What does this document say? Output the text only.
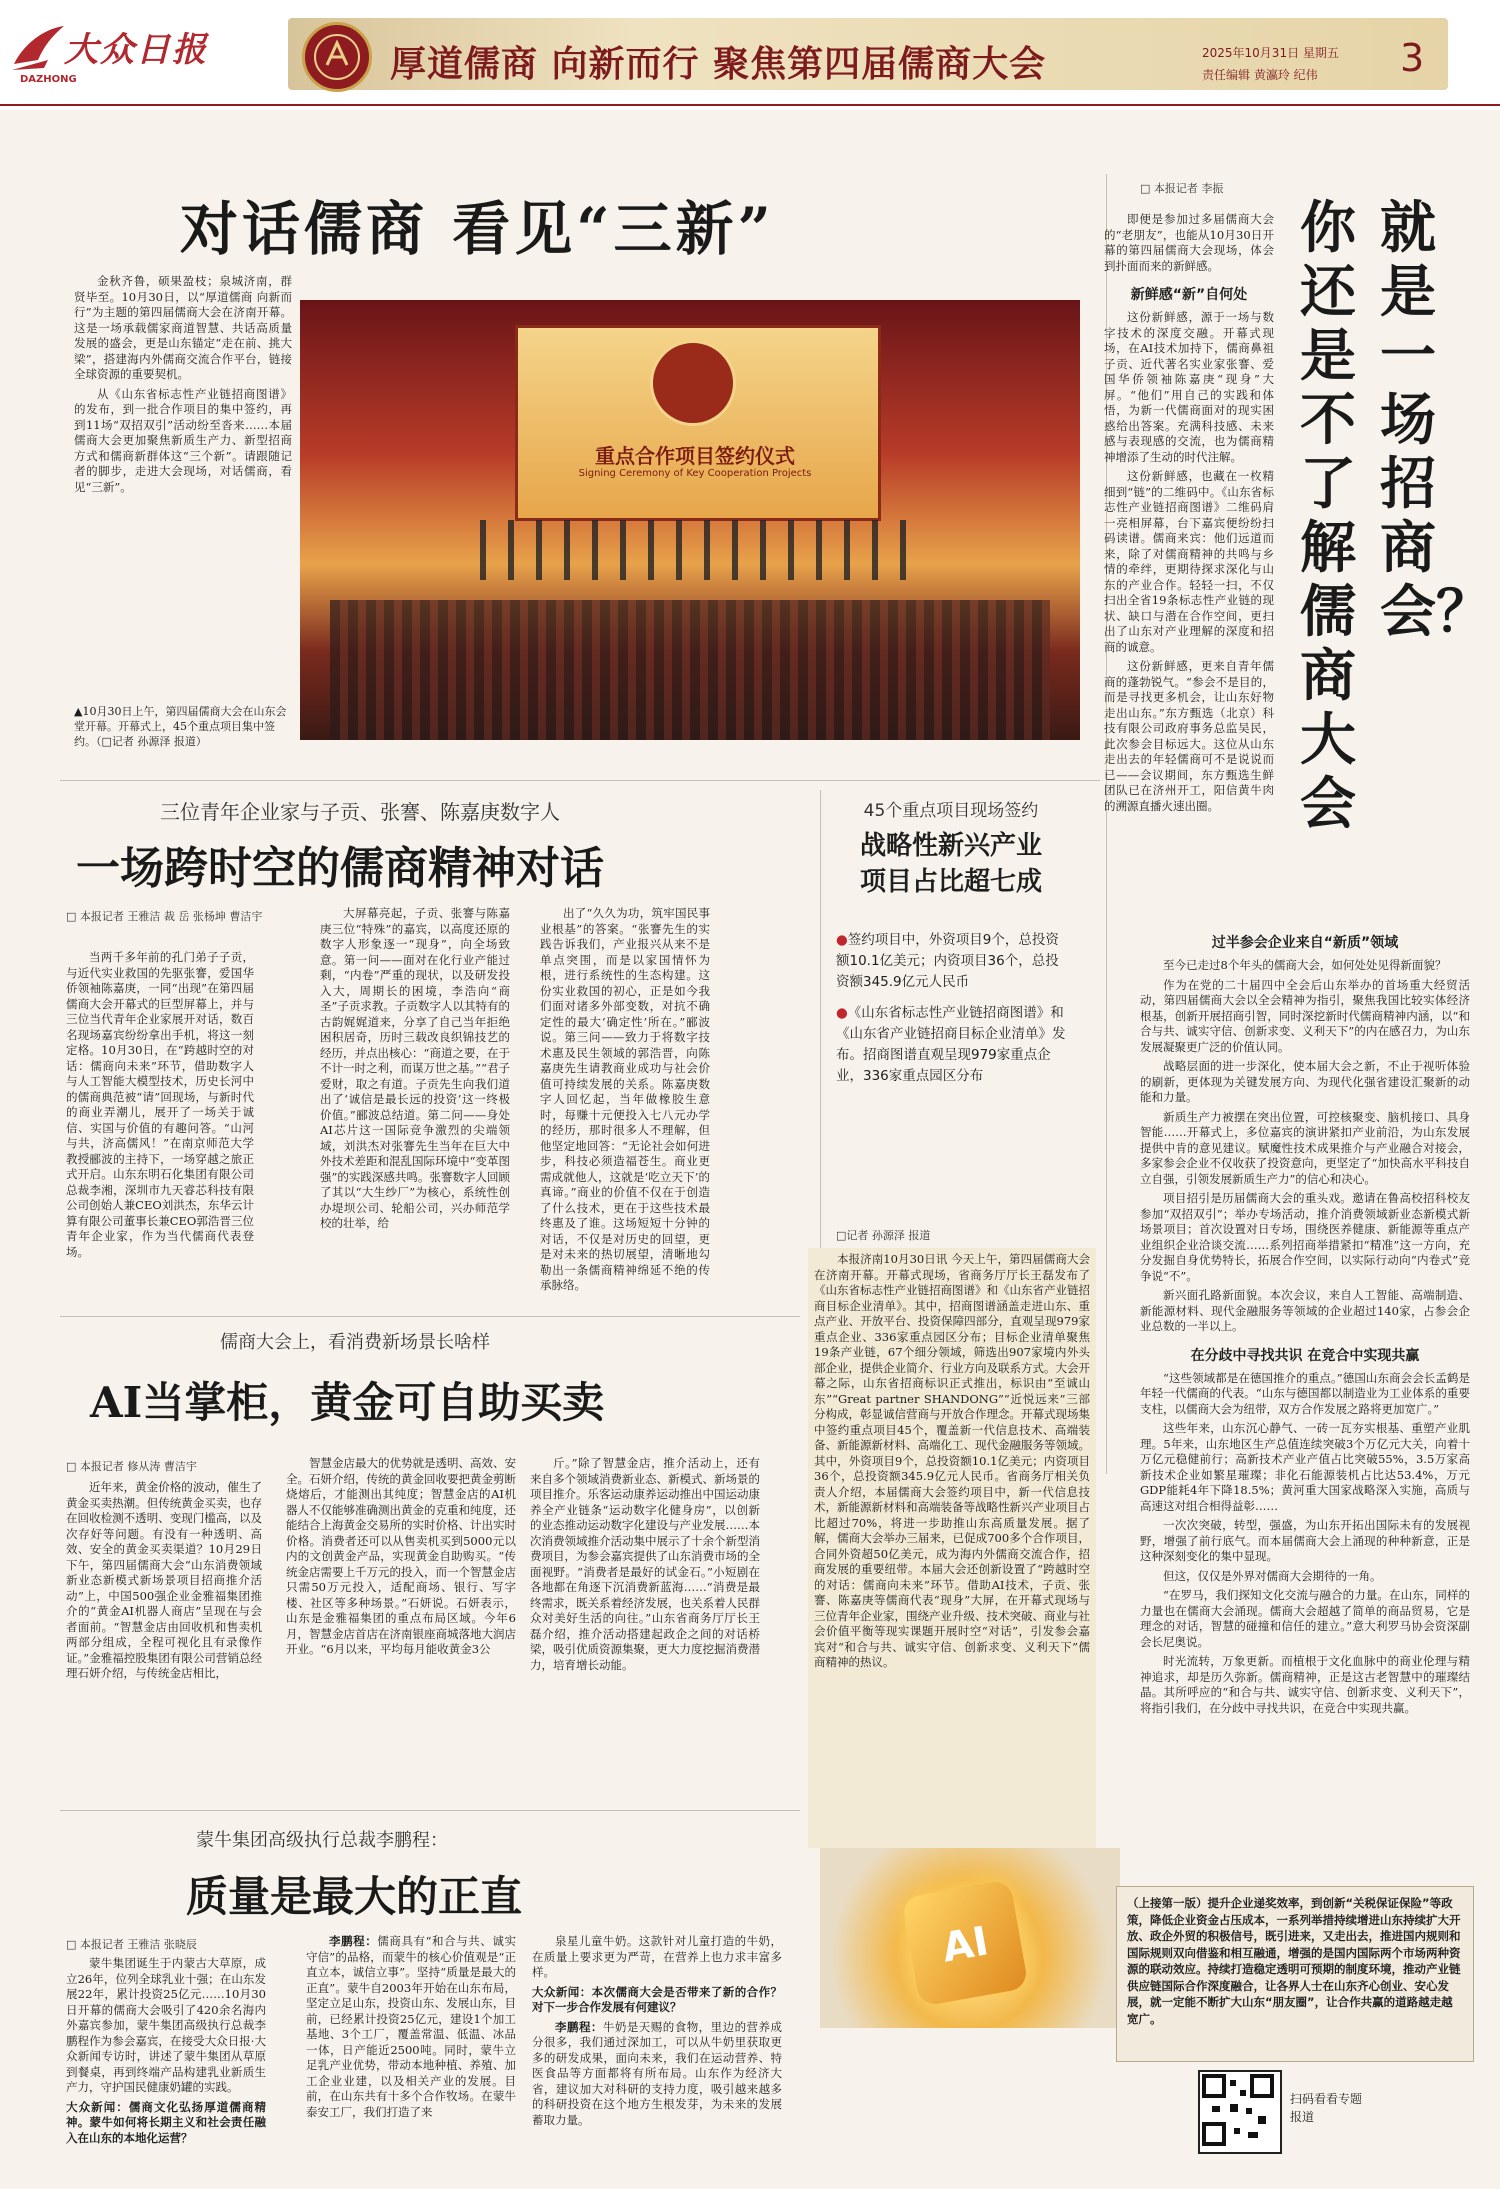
大众日报
DAZHONG	厚道儒商 向新而行 聚焦第四届儒商大会	2025年10月31日 星期五
责任编辑 黄瀛玲 纪伟 3
对话儒商 看见“三新”

金秋齐鲁，硕果盈枝；泉城济南，群贤毕至。10月30日，以“厚道儒商 向新而行”为主题的第四届儒商大会在济南开幕。这是一场承载儒家商道智慧、共话高质量发展的盛会，更是山东锚定“走在前、挑大梁”，搭建海内外儒商交流合作平台，链接全球资源的重要契机。

从《山东省标志性产业链招商图谱》的发布，到一批合作项目的集中签约，再到11场“双招双引”活动纷至沓来……本届儒商大会更加聚焦新质生产力、新型招商方式和儒商新群体这“三个新”。请跟随记者的脚步，走进大会现场，对话儒商，看见“三新”。

重点合作项目签约仪式
Signing Ceremony of Key Cooperation Projects
▲10月30日上午，第四届儒商大会在山东会堂开幕。开幕式上，45个重点项目集中签约。（□记者 孙源泽 报道）
□ 本报记者 李振
就是一场招商会？
你还是不了解儒商大会

即便是参加过多届儒商大会的“老朋友”，也能从10月30日开幕的第四届儒商大会现场，体会到扑面而来的新鲜感。

新鲜感“新”自何处

这份新鲜感，源于一场与数字技术的深度交融。开幕式现场，在AI技术加持下，儒商鼻祖子贡、近代著名实业家张謇、爱国华侨领袖陈嘉庚“现身”大屏。“他们”用自己的实践和体悟，为新一代儒商面对的现实困惑给出答案。充满科技感、未来感与表现感的交流，也为儒商精神增添了生动的时代注解。

这份新鲜感，也藏在一枚精细到“链”的二维码中。《山东省标志性产业链招商图谱》二维码肩一亮相屏幕，台下嘉宾便纷纷扫码读谱。儒商来宾：他们远道而来，除了对儒商精神的共鸣与乡情的牵绊，更期待探求深化与山东的产业合作。轻轻一扫，不仅扫出全省19条标志性产业链的现状、缺口与潜在合作空间，更扫出了山东对产业理解的深度和招商的诚意。

这份新鲜感，更来自青年儒商的蓬勃锐气。“参会不是目的，而是寻找更多机会，让山东好物走出山东。”东方甄选（北京）科技有限公司政府事务总监吴民，此次参会目标远大。这位从山东走出去的年轻儒商可不是说说而已——会议期间，东方甄选生鲜团队已在济州开工，阳信黄牛肉的溯源直播火速出圈。

过半参会企业来自“新质”领域

至今已走过8个年头的儒商大会，如何处处见得新面貌？

作为在党的二十届四中全会后山东举办的首场重大经贸活动，第四届儒商大会以全会精神为指引，聚焦我国比较实体经济根基，创新开展招商引智，同时深挖新时代儒商精神内涵，以“和合与共、诚实守信、创新求变、义利天下”的内在感召力，为山东发展凝聚更广泛的价值认同。

战略层面的进一步深化，使本届大会之新，不止于视听体验的刷新，更体现为关键发展方向、为现代化强省建设汇聚新的动能和力量。

新质生产力被摆在突出位置，可控核聚变、脑机接口、具身智能……开幕式上，多位嘉宾的演讲紧扣产业前沿，为山东发展提供中肯的意见建议。赋魔性技术成果推介与产业融合对接会，多家参会企业不仅收获了投资意向，更坚定了“加快高水平科技自立自强，引领发展新质生产力”的信心和决心。

项目招引是历届儒商大会的重头戏。邀请在鲁高校招科校友参加“双招双引”；举办专场活动，推介消费领域新业态新模式新场景项目；首次设置对日专场，围绕医养健康、新能源等重点产业组织企业洽谈交流……系列招商举措紧扣“精准”这一方向，充分发掘自身优势特长，拓展合作空间，以实际行动向“内卷式”竞争说“不”。

新兴面孔路新面貌。本次会议，来自人工智能、高端制造、新能源材料、现代金融服务等领域的企业超过140家，占参会企业总数的一半以上。

在分歧中寻找共识 在竞合中实现共赢

“这些领域都是在德国推介的重点。”德国山东商会会长孟鹤是年轻一代儒商的代表。“山东与德国都以制造业为工业体系的重要支柱，以儒商大会为纽带，双方合作发展之路将更加宽广。”

这些年来，山东沉心静气、一砖一瓦夯实根基、重塑产业肌理。5年来，山东地区生产总值连续突破3个万亿元大关，向着十万亿元稳健前行；高新技术产业产值占比突破55%，3.5万家高新技术企业如繁星璀璨；非化石能源装机占比达53.4%，万元GDP能耗4年下降18.5%；黄河重大国家战略深入实施，高质与高速这对组合相得益彰……

一次次突破，转型，强盛，为山东开拓出国际未有的发展视野，增强了前行底气。而本届儒商大会上涌现的种种新意，正是这种深刻变化的集中显现。

但这，仅仅是外界对儒商大会期待的一角。

“在罗马，我们探知文化交流与融合的力量。在山东，同样的力量也在儒商大会涌现。儒商大会超越了简单的商品贸易，它是理念的对话，智慧的碰撞和信任的建立。”意大利罗马协会资深副会长尼奥说。

时光流转，万象更新。而植根于文化血脉中的商业伦理与精神追求，却是历久弥新。儒商精神，正是这古老智慧中的璀璨结晶。其所呼应的“和合与共、诚实守信、创新求变、义利天下”，将指引我们，在分歧中寻找共识，在竞合中实现共赢。

三位青年企业家与子贡、张謇、陈嘉庚数字人
一场跨时空的儒商精神对话
□ 本报记者 王雅洁 裁 岳 张杨坤 曹洁宇

当两千多年前的孔门弟子子贡，与近代实业救国的先驱张謇，爱国华侨领袖陈嘉庚，一同“出现”在第四届儒商大会开幕式的巨型屏幕上，并与三位当代青年企业家展开对话，数百名现场嘉宾纷纷拿出手机，将这一刻定格。10月30日，在“跨越时空的对话：儒商向未来”环节，借助数字人与人工智能大模型技术，历史长河中的儒商典范被“请”回现场，与新时代的商业弄潮儿，展开了一场关于诚信、实国与价值的有趣问答。“山河与共，济高儒风！”在南京师范大学教授郦波的主持下，一场穿越之旅正式开启。山东东明石化集团有限公司总裁李湘，深圳市九天睿芯科技有限公司创始人兼CEO刘洪杰，东华云计算有限公司董事长兼CEO郭浩晋三位青年企业家，作为当代儒商代表登场。

大屏幕亮起，子贡、张謇与陈嘉庚三位“特殊”的嘉宾，以高度还原的数字人形象逐一“现身”，向全场致意。第一问——面对在化行业产能过剩，“内卷”严重的现状，以及研发投入大，周期长的困境，李浩向“商圣”子贡求教。子贡数字人以其特有的古韵娓娓道来，分享了自己当年拒绝困积居奇，历时三载改良织锦技艺的经历，并点出核心：“商道之要，在于不计一时之利，而谋万世之基。”“君子爱财，取之有道。子贡先生向我们道出了‘诚信是最长远的投资’这一终极价值。”郦波总结道。第二问——身处AI芯片这一国际竞争激烈的尖端领域，刘洪杰对张謇先生当年在巨大中外技术差距和混乱国际环境中“变革图强”的实践深感共鸣。张謇数字人回顾了其以“大生纱厂”为核心，系统性创办堤坝公司、轮船公司，兴办师范学校的壮举，给

出了“久久为功，筑牢国民事业根基”的答案。“张謇先生的实践告诉我们，产业报兴从来不是单点突围，而是以家国情怀为根，进行系统性的生态构建。这份实业救国的初心，正是如今我们面对诸多外部变数，对抗不确定性的最大‘确定性’所在。”郦波说。第三问——致力于将数字技术惠及民生领域的郭浩晋，向陈嘉庚先生请教商业成功与社会价值可持续发展的关系。陈嘉庚数字人回忆起，当年做橡胶生意时，每赚十元便投入七八元办学的经历，那时很多人不理解，但他坚定地回答：“无论社会如何进步，科技必须造福苍生。商业更需成就他人，这就是‘吃立天下’的真谛。”商业的价值不仅在于创造了什么技术，更在于这些技术最终惠及了谁。这场短短十分钟的对话，不仅是对历史的回望，更是对未来的热切展望，清晰地勾勒出一条儒商精神绵延不绝的传承脉络。

45个重点项目现场签约
战略性新兴产业
项目占比超七成
●签约项目中，外资项目9个，总投资额10.1亿美元；内资项目36个，总投资额345.9亿元人民币
●《山东省标志性产业链招商图谱》和《山东省产业链招商目标企业清单》发布。招商图谱直观呈现979家重点企业，336家重点园区分布
□记者 孙源泽 报道

本报济南10月30日讯 今天上午，第四届儒商大会在济南开幕。开幕式现场，省商务厅厅长王磊发布了《山东省标志性产业链招商图谱》和《山东省产业链招商目标企业清单》。其中，招商图谱涵盖走进山东、重点产业、开放平台、投资保障四部分，直观呈现979家重点企业、336家重点园区分布；目标企业清单聚焦19条产业链，67个细分领域，筛选出907家境内外头部企业，提供企业简介、行业方向及联系方式。大会开幕之际，山东省招商标识正式推出，标识由“至诚山东”“Great partner SHANDONG”“近悦远来”三部分构成，彰显诚信营商与开放合作理念。开幕式现场集中签约重点项目45个，覆盖新一代信息技术、高端装备、新能源新材料、高端化工、现代金融服务等领域。其中，外资项目9个，总投资额10.1亿美元；内资项目36个，总投资额345.9亿元人民币。省商务厅相关负责人介绍，本届儒商大会签约项目中，新一代信息技术，新能源新材料和高端装备等战略性新兴产业项目占比超过70%，将进一步助推山东高质量发展。据了解，儒商大会举办三届来，已促成700多个合作项目，合同外资超50亿美元，成为海内外儒商交流合作，招商发展的重要纽带。本届大会还创新设置了“跨越时空的对话：儒商向未来”环节。借助AI技术，子贡、张謇、陈嘉庚等儒商代表“现身”大屏，在开幕式现场与三位青年企业家，围绕产业升级、技术突破、商业与社会价值平衡等现实课题开展时空“对话”，引发参会嘉宾对“和合与共、诚实守信、创新求变、义利天下”儒商精神的热议。

儒商大会上，看消费新场景长啥样
AI当掌柜，黄金可自助买卖
□ 本报记者 修从涛 曹洁宇

近年来，黄金价格的波动，催生了黄金买卖热潮。但传统黄金买卖，也存在回收检测不透明、变现门槛高，以及次存好等问题。有没有一种透明、高效、安全的黄金买卖渠道？10月29日下午，第四届儒商大会“山东消费领域新业态新模式新场景项目招商推介活动”上，中国500强企业金雅福集团推介的“黄金AI机器人商店”呈现在与会者面前。“智慧金店由回收机和售卖机两部分组成，全程可视化且有录像作证。”金雅福控股集团有限公司营销总经理石妍介绍，与传统金店相比，

智慧金店最大的优势就是透明、高效、安全。石妍介绍，传统的黄金回收要把黄金剪断烧熔后，才能测出其纯度；智慧金店的AI机器人不仅能够准确测出黄金的克重和纯度，还能结合上海黄金交易所的实时价格、计出实时价格。消费者还可以从售卖机买到5000元以内的文创黄金产品，实现黄金自助购买。“传统金店需要上千万元的投入，而一个智慧金店只需50万元投入，适配商场、银行、写字楼、社区等多种场景。”石妍说。石妍表示，山东是金雅福集团的重点布局区域。今年6月，智慧金店首店在济南银座商城落地大润店开业。“6月以来，平均每月能收黄金3公

斤。”除了智慧金店，推介活动上，还有来自多个领域消费新业态、新模式、新场景的项目推介。乐客运动康养运动推出中国运动康养全产业链条“运动数字化健身房”，以创新的业态推动运动数字化建设与产业发展……本次消费领域推介活动集中展示了十余个新型消费项目，为参会嘉宾提供了山东消费市场的全面视野。“消费者是最好的试金石。”小短剧在各地都在角逐下沉消费新蓝海……“消费是最终需求，既关系着经济发展，也关系着人民群众对美好生活的向往。”山东省商务厅厅长王磊介绍，推介活动搭建起政企之间的对话桥梁，吸引优质资源集聚，更大力度挖掘消费潜力，培育增长动能。

蒙牛集团高级执行总裁李鹏程：
质量是最大的正直
□ 本报记者 王雅洁 张晓辰

蒙牛集团诞生于内蒙古大草原，成立26年，位列全球乳业十强；在山东发展22年，累计投资25亿元……10月30日开幕的儒商大会吸引了420余名海内外嘉宾参加，蒙牛集团高级执行总裁李鹏程作为参会嘉宾，在接受大众日报·大众新闻专访时，讲述了蒙牛集团从草原到餐桌，再到终端产品构建乳业新质生产力，守护国民健康奶罐的实践。

大众新闻：儒商文化弘扬厚道儒商精神。蒙牛如何将长期主义和社会责任融入在山东的本地化运营？

李鹏程：儒商具有“和合与共、诚实守信”的品格，而蒙牛的核心价值观是“正直立本，诚信立事”。坚持“质量是最大的正直”。蒙牛自2003年开始在山东布局，坚定立足山东，投资山东、发展山东，目前，已经累计投资25亿元，建设1个加工基地、3个工厂，覆盖常温、低温、冰品一体，日产能近2500吨。同时，蒙牛立足乳产业优势，带动本地种植、养殖、加工企业业建，以及相关产业的发展。目前，在山东共有十多个合作牧场。在蒙牛泰安工厂，我们打造了来

泉星儿童牛奶。这款针对儿童打造的牛奶，在质量上要求更为严苛，在营养上也力求丰富多样。

大众新闻：本次儒商大会是否带来了新的合作？对下一步合作发展有何建议？

李鹏程：牛奶是天赐的食物，里边的营养成分很多，我们通过深加工，可以从牛奶里获取更多的研发成果，面向未来，我们在运动营养、特医食品等方面都将有所布局。山东作为经济大省，建议加大对科研的支持力度，吸引越来越多的科研投资在这个地方生根发芽，为未来的发展蓄取力量。

AI
（上接第一版）提升企业递奖效率，到创新“关税保证保险”等政策，降低企业资金占压成本，一系列举措持续增进山东持续扩大开放、政企外贸的积极信号，既引进来，又走出去，推进国内规则和国际规则双向借鉴和相互融通，增强的是国内国际两个市场两种资源的联动效应。持续打造稳定透明可预期的制度环境，推动产业链供应链国际合作深度融合，让各界人士在山东齐心创业、安心发展，就一定能不断扩大山东“朋友圈”，让合作共赢的道路越走越宽广。
扫码看看专题报道
